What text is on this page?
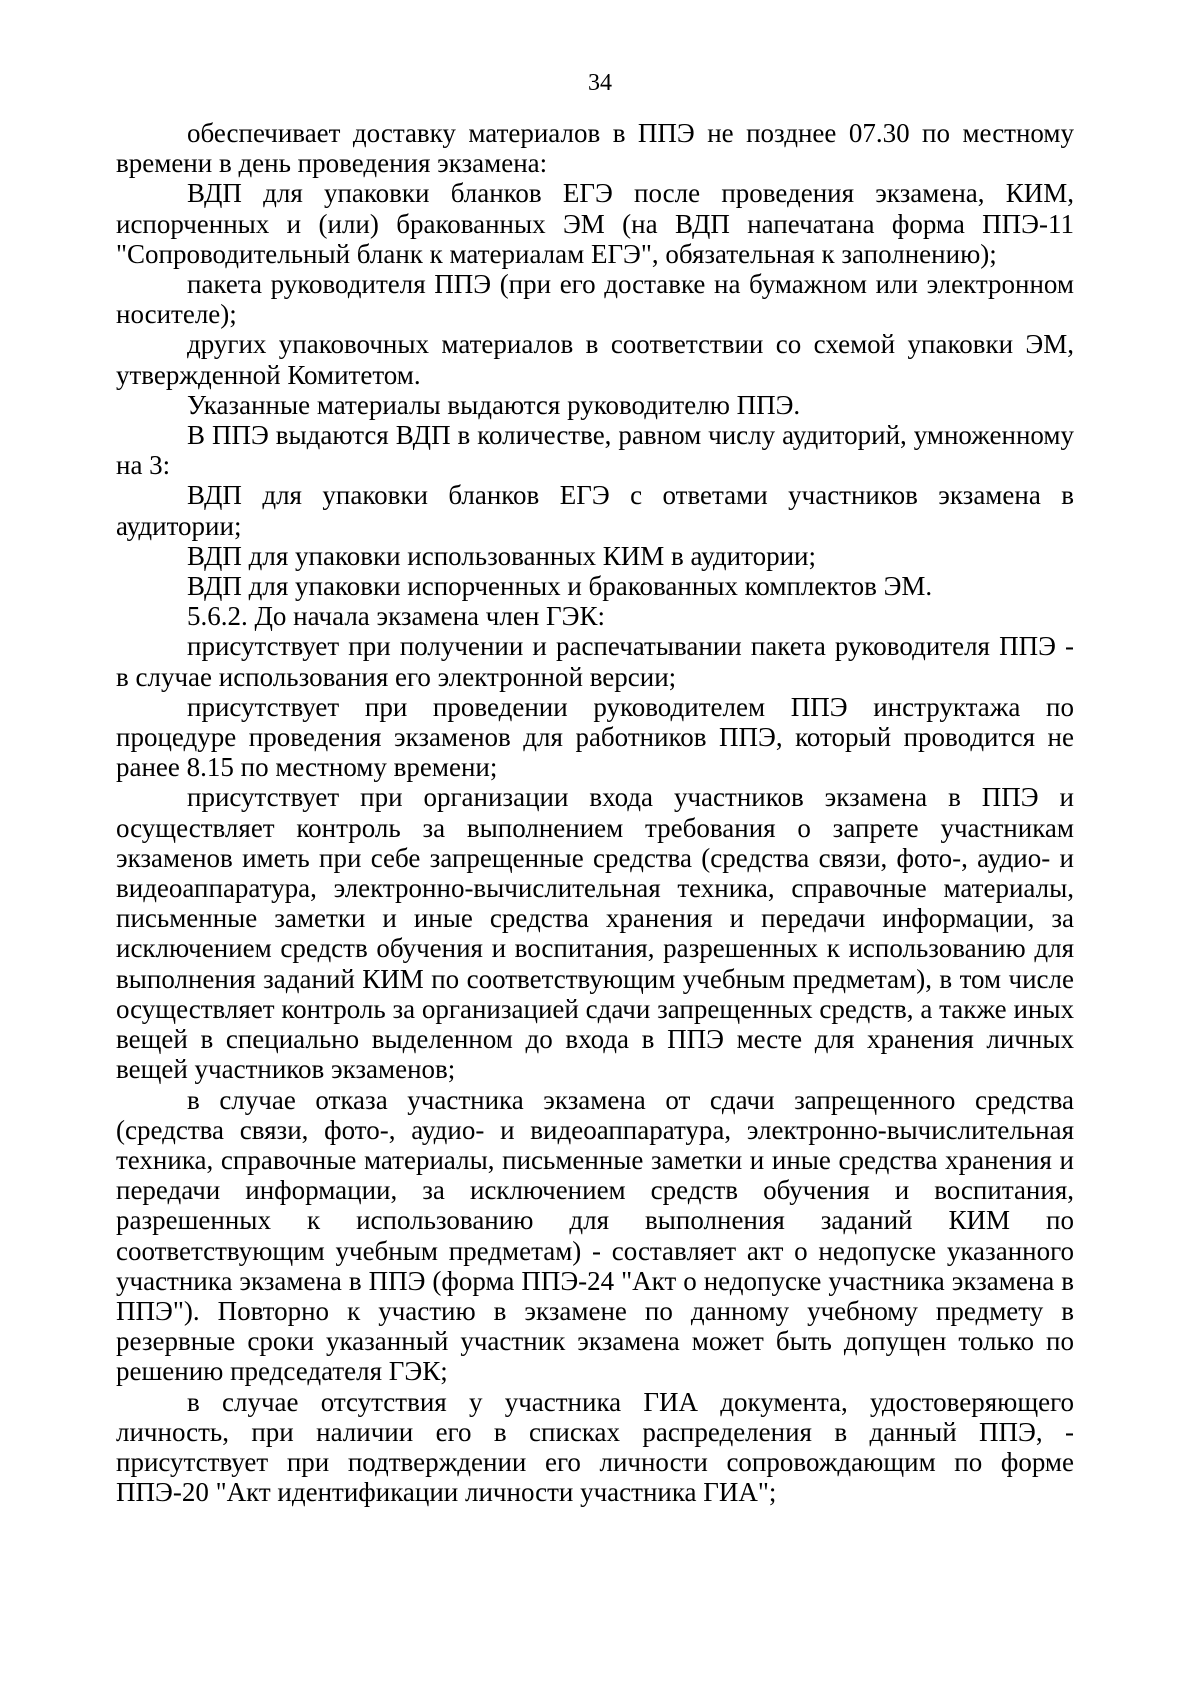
34

обеспечивает доставку материалов в ППЭ не позднее 07.30 по местному времени в день проведения экзамена:

ВДП для упаковки бланков ЕГЭ после проведения экзамена, КИМ, испорченных и (или) бракованных ЭМ (на ВДП напечатана форма ППЭ-11 "Сопроводительный бланк к материалам ЕГЭ", обязательная к заполнению);

пакета руководителя ППЭ (при его доставке на бумажном или электронном носителе);

других упаковочных материалов в соответствии со схемой упаковки ЭМ, утвержденной Комитетом.

Указанные материалы выдаются руководителю ППЭ.

В ППЭ выдаются ВДП в количестве, равном числу аудиторий, умноженному на 3:

ВДП для упаковки бланков ЕГЭ с ответами участников экзамена в аудитории;

ВДП для упаковки использованных КИМ в аудитории;

ВДП для упаковки испорченных и бракованных комплектов ЭМ.

5.6.2. До начала экзамена член ГЭК:

присутствует при получении и распечатывании пакета руководителя ППЭ - в случае использования его электронной версии;

присутствует при проведении руководителем ППЭ инструктажа по процедуре проведения экзаменов для работников ППЭ, который проводится не ранее 8.15 по местному времени;

присутствует при организации входа участников экзамена в ППЭ и осуществляет контроль за выполнением требования о запрете участникам экзаменов иметь при себе запрещенные средства (средства связи, фото-, аудио- и видеоаппаратура, электронно-вычислительная техника, справочные материалы, письменные заметки и иные средства хранения и передачи информации, за исключением средств обучения и воспитания, разрешенных к использованию для выполнения заданий КИМ по соответствующим учебным предметам), в том числе осуществляет контроль за организацией сдачи запрещенных средств, а также иных вещей в специально выделенном до входа в ППЭ месте для хранения личных вещей участников экзаменов;

в случае отказа участника экзамена от сдачи запрещенного средства (средства связи, фото-, аудио- и видеоаппаратура, электронно-вычислительная техника, справочные материалы, письменные заметки и иные средства хранения и передачи информации, за исключением средств обучения и воспитания, разрешенных к использованию для выполнения заданий КИМ по соответствующим учебным предметам) - составляет акт о недопуске указанного участника экзамена в ППЭ (форма ППЭ-24 "Акт о недопуске участника экзамена в ППЭ"). Повторно к участию в экзамене по данному учебному предмету в резервные сроки указанный участник экзамена может быть допущен только по решению председателя ГЭК;

в случае отсутствия у участника ГИА документа, удостоверяющего личность, при наличии его в списках распределения в данный ППЭ, - присутствует при подтверждении его личности сопровождающим по форме ППЭ-20 "Акт идентификации личности участника ГИА";
